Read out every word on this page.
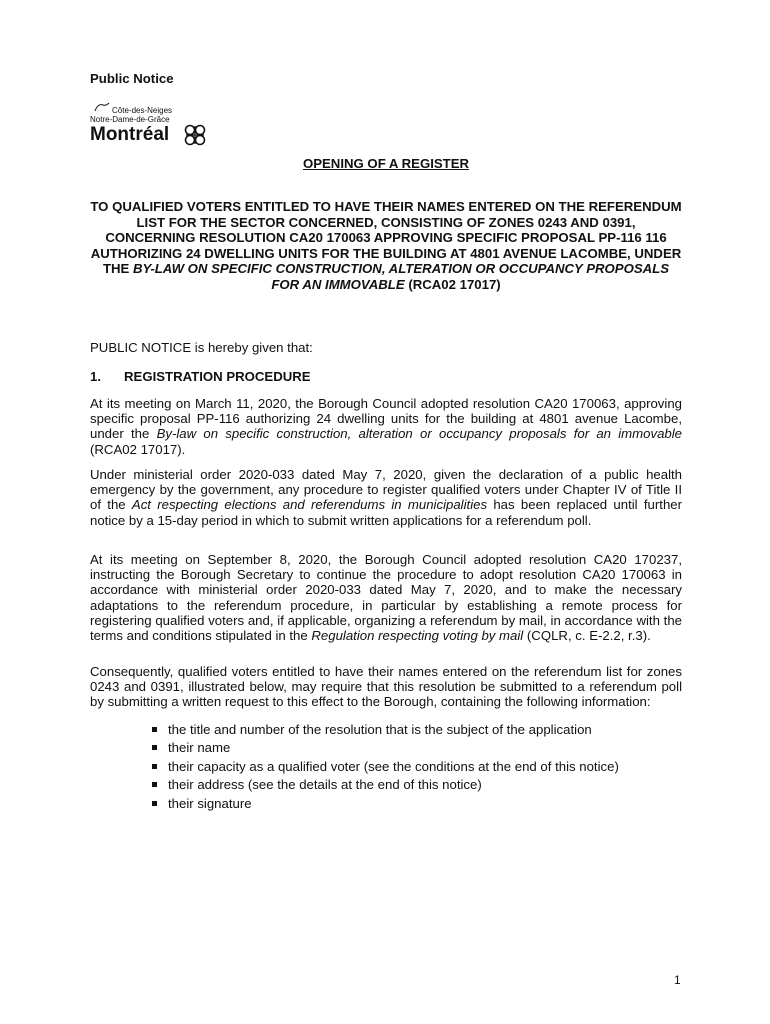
Public Notice
Côte-des-Neiges
Notre-Dame-de-Grâce
Montréal
OPENING OF A REGISTER
TO QUALIFIED VOTERS ENTITLED TO HAVE THEIR NAMES ENTERED ON THE REFERENDUM LIST FOR THE SECTOR CONCERNED, CONSISTING OF ZONES 0243 AND 0391, CONCERNING RESOLUTION CA20 170063 APPROVING SPECIFIC PROPOSAL PP-116 116 AUTHORIZING 24 DWELLING UNITS FOR THE BUILDING AT 4801 AVENUE LACOMBE, UNDER THE BY-LAW ON SPECIFIC CONSTRUCTION, ALTERATION OR OCCUPANCY PROPOSALS FOR AN IMMOVABLE (RCA02 17017)
PUBLIC NOTICE is hereby given that:
1. REGISTRATION PROCEDURE
At its meeting on March 11, 2020, the Borough Council adopted resolution CA20 170063, approving specific proposal PP-116 authorizing 24 dwelling units for the building at 4801 avenue Lacombe, under the By-law on specific construction, alteration or occupancy proposals for an immovable (RCA02 17017).
Under ministerial order 2020-033 dated May 7, 2020, given the declaration of a public health emergency by the government, any procedure to register qualified voters under Chapter IV of Title II of the Act respecting elections and referendums in municipalities has been replaced until further notice by a 15-day period in which to submit written applications for a referendum poll.
At its meeting on September 8, 2020, the Borough Council adopted resolution CA20 170237, instructing the Borough Secretary to continue the procedure to adopt resolution CA20 170063 in accordance with ministerial order 2020-033 dated May 7, 2020, and to make the necessary adaptations to the referendum procedure, in particular by establishing a remote process for registering qualified voters and, if applicable, organizing a referendum by mail, in accordance with the terms and conditions stipulated in the Regulation respecting voting by mail (CQLR, c. E-2.2, r.3).
Consequently, qualified voters entitled to have their names entered on the referendum list for zones 0243 and 0391, illustrated below, may require that this resolution be submitted to a referendum poll by submitting a written request to this effect to the Borough, containing the following information:
the title and number of the resolution that is the subject of the application
their name
their capacity as a qualified voter (see the conditions at the end of this notice)
their address (see the details at the end of this notice)
their signature
1
